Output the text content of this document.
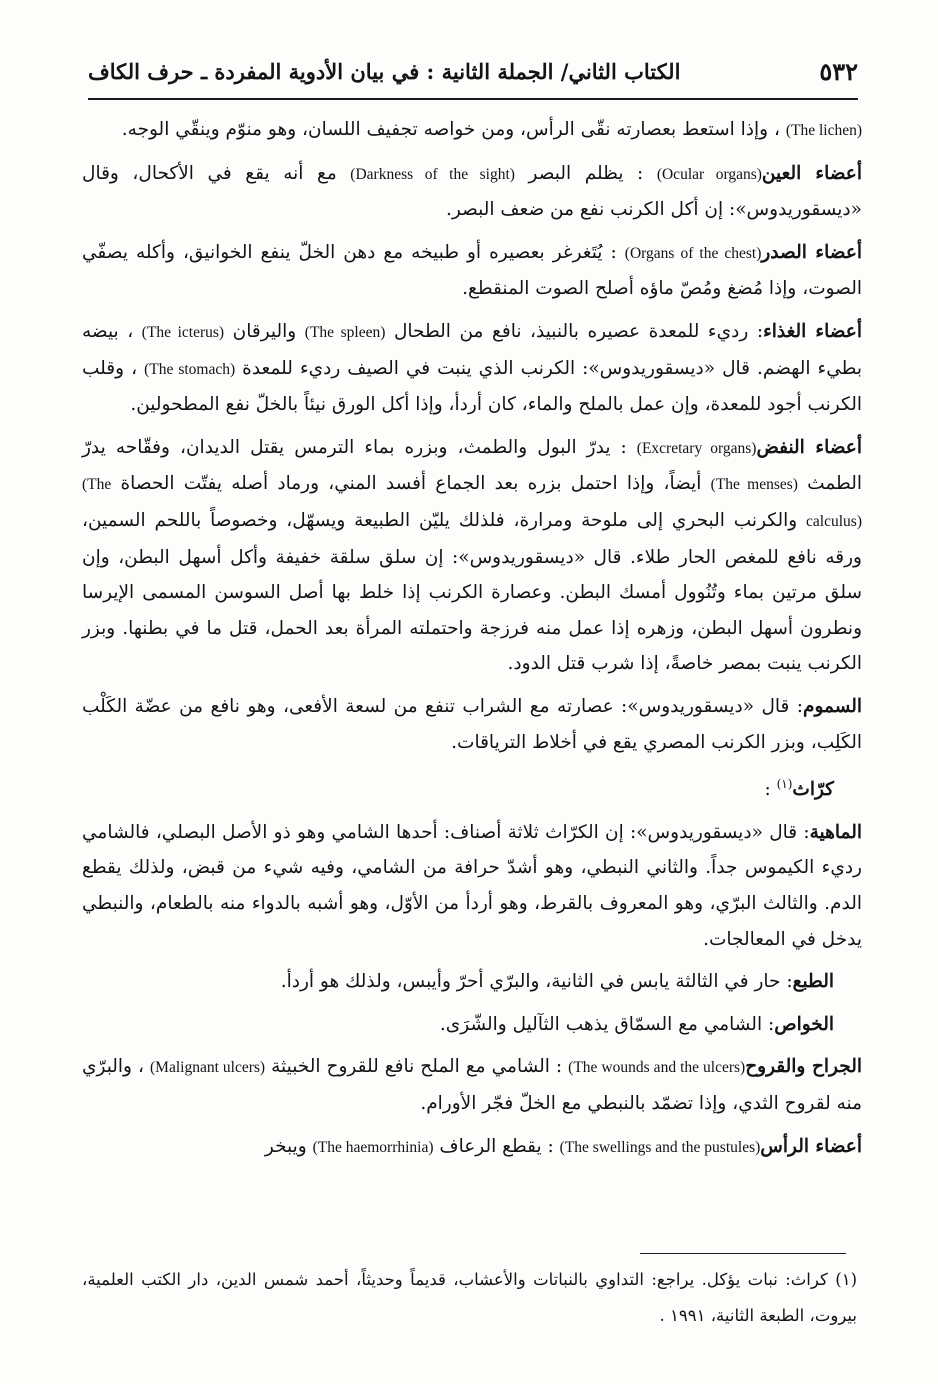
٥٣٢
الكتاب الثاني/ الجملة الثانية : في بيان الأدوية المفردة ـ حرف الكاف

(The lichen) ، وإذا استعط بعصارته نقّى الرأس، ومن خواصه تجفيف اللسان، وهو منوّم وينقّي الوجه.

أعضاء العين(Ocular organs) : يظلم البصر (Darkness of the sight) مع أنه يقع في الأكحال، وقال «ديسقوريدوس»: إن أكل الكرنب نفع من ضعف البصر.

أعضاء الصدر(Organs of the chest) : يُتَغرغر بعصيره أو طبيخه مع دهن الخلّ ينفع الخوانيق، وأكله يصفّي الصوت، وإذا مُضغ ومُصّ ماؤه أصلح الصوت المنقطع.

أعضاء الغذاء: رديء للمعدة عصيره بالنبيذ، نافع من الطحال (The spleen) واليرقان (The icterus) ، بيضه بطيء الهضم. قال «ديسقوريدوس»: الكرنب الذي ينبت في الصيف رديء للمعدة (The stomach) ، وقلب الكرنب أجود للمعدة، وإن عمل بالملح والماء، كان أردأ، وإذا أكل الورق نيئاً بالخلّ نفع المطحولين.

أعضاء النفض(Excretary organs) : يدرّ البول والطمث، وبزره بماء الترمس يقتل الديدان، وفقّاحه يدرّ الطمث (The menses) أيضاً، وإذا احتمل بزره بعد الجماع أفسد المني، ورماد أصله يفتّت الحصاة (The calculus) والكرنب البحري إلى ملوحة ومرارة، فلذلك يليّن الطبيعة ويسهّل، وخصوصاً باللحم السمين، ورقه نافع للمغص الحار طلاء. قال «ديسقوريدوس»: إن سلق سلقة خفيفة وأكل أسهل البطن، وإن سلق مرتين بماء وتُنُوول أمسك البطن. وعصارة الكرنب إذا خلط بها أصل السوسن المسمى الإيرسا ونطرون أسهل البطن، وزهره إذا عمل منه فرزجة واحتملته المرأة بعد الحمل، قتل ما في بطنها. وبزر الكرنب ينبت بمصر خاصةً، إذا شرب قتل الدود.

السموم: قال «ديسقوريدوس»: عصارته مع الشراب تنفع من لسعة الأفعى، وهو نافع من عضّة الكَلْب الكَلِب، وبزر الكرنب المصري يقع في أخلاط الترياقات.

كرّاث$^{(١)}$ :

الماهية: قال «ديسقوريدوس»: إن الكرّاث ثلاثة أصناف: أحدها الشامي وهو ذو الأصل البصلي، فالشامي رديء الكيموس جداً. والثاني النبطي، وهو أشدّ حرافة من الشامي، وفيه شيء من قبض، ولذلك يقطع الدم. والثالث البرّي، وهو المعروف بالقرط، وهو أردأ من الأوّل، وهو أشبه بالدواء منه بالطعام، والنبطي يدخل في المعالجات.

الطبع: حار في الثالثة يابس في الثانية، والبرّي أحرّ وأيبس، ولذلك هو أردأ.

الخواص: الشامي مع السمّاق يذهب الثآليل والشّرَى.

الجراح والقروح(The wounds and the ulcers) : الشامي مع الملح نافع للقروح الخبيثة (Malignant ulcers) ، والبرّي منه لقروح الثدي، وإذا تضمّد بالنبطي مع الخلّ فجّر الأورام.

أعضاء الرأس(The swellings and the pustules) : يقطع الرعاف (The haemorrhinia) ويبخر

(١) كراث: نبات يؤكل. يراجع: التداوي بالنباتات والأعشاب، قديماً وحديثاً، أحمد شمس الدين، دار الكتب العلمية، بيروت، الطبعة الثانية، ١٩٩١ .
